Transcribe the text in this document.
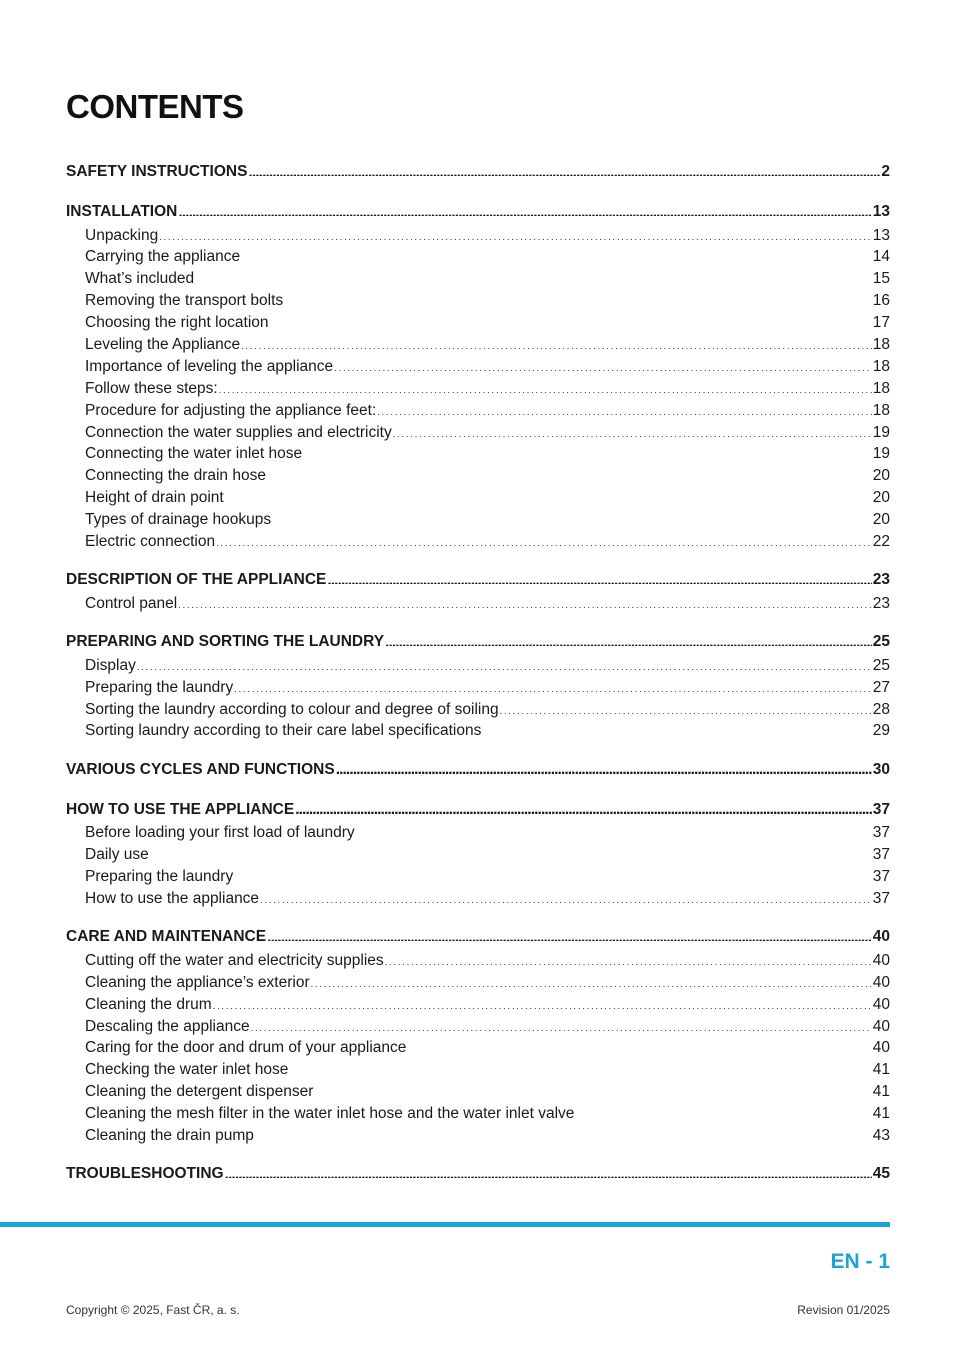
CONTENTS
SAFETY INSTRUCTIONS . . .	2
INSTALLATION . . .	13
Unpacking . . .	13
Carrying the appliance . . .	14
What’s included . . .	15
Removing the transport bolts . . .	16
Choosing the right location . . .	17
Leveling the Appliance . . .	18
Importance of leveling the appliance . . .	18
Follow these steps: . . .	18
Procedure for adjusting the appliance feet: . . .	18
Connection the water supplies and electricity . . .	19
Connecting the water inlet hose . . .	19
Connecting the drain hose . . .	20
Height of drain point . . .	20
Types of drainage hookups . . .	20
Electric connection . . .	22
DESCRIPTION OF THE APPLIANCE . . .	23
Control panel . . .	23
PREPARING AND SORTING THE LAUNDRY . . .	25
Display . . .	25
Preparing the laundry . . .	27
Sorting the laundry according to colour and degree of soiling . . .	28
Sorting laundry according to their care label specifications . . .	29
VARIOUS CYCLES AND FUNCTIONS . . .	30
HOW TO USE THE APPLIANCE . . .	37
Before loading your first load of laundry . . .	37
Daily use . . .	37
Preparing the laundry . . .	37
How to use the appliance . . .	37
CARE AND MAINTENANCE . . .	40
Cutting off the water and electricity supplies . . .	40
Cleaning the appliance’s exterior . . .	40
Cleaning the drum . . .	40
Descaling the appliance . . .	40
Caring for the door and drum of your appliance . . .	40
Checking the water inlet hose . . .	41
Cleaning the detergent dispenser . . .	41
Cleaning the mesh filter in the water inlet hose and the water inlet valve . . .	41
Cleaning the drain pump . . .	43
TROUBLESHOOTING . . .	45
EN - 1
Copyright © 2025, Fast ČR, a. s.	Revision 01/2025
